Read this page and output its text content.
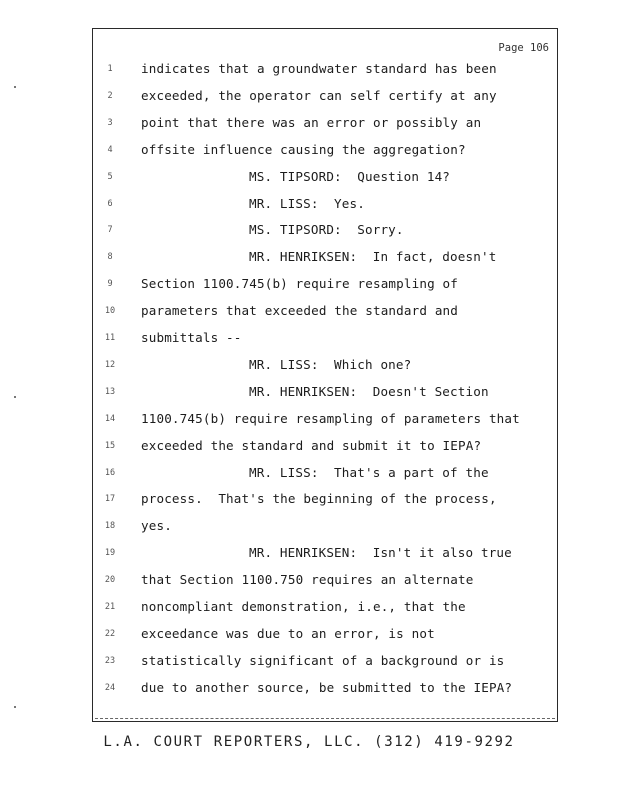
Page 106
1	indicates that a groundwater standard has been
2	exceeded, the operator can self certify at any
3	point that there was an error or possibly an
4	offsite influence causing the aggregation?
5	MS. TIPSORD:  Question 14?
6	MR. LISS:  Yes.
7	MS. TIPSORD:  Sorry.
8	MR. HENRIKSEN:  In fact, doesn't
9	Section 1100.745(b) require resampling of
10	parameters that exceeded the standard and
11	submittals --
12	MR. LISS:  Which one?
13	MR. HENRIKSEN:  Doesn't Section
14	1100.745(b) require resampling of parameters that
15	exceeded the standard and submit it to IEPA?
16	MR. LISS:  That's a part of the
17	process.  That's the beginning of the process,
18	yes.
19	MR. HENRIKSEN:  Isn't it also true
20	that Section 1100.750 requires an alternate
21	noncompliant demonstration, i.e., that the
22	exceedance was due to an error, is not
23	statistically significant of a background or is
24	due to another source, be submitted to the IEPA?
L.A. COURT REPORTERS, LLC. (312) 419-9292
